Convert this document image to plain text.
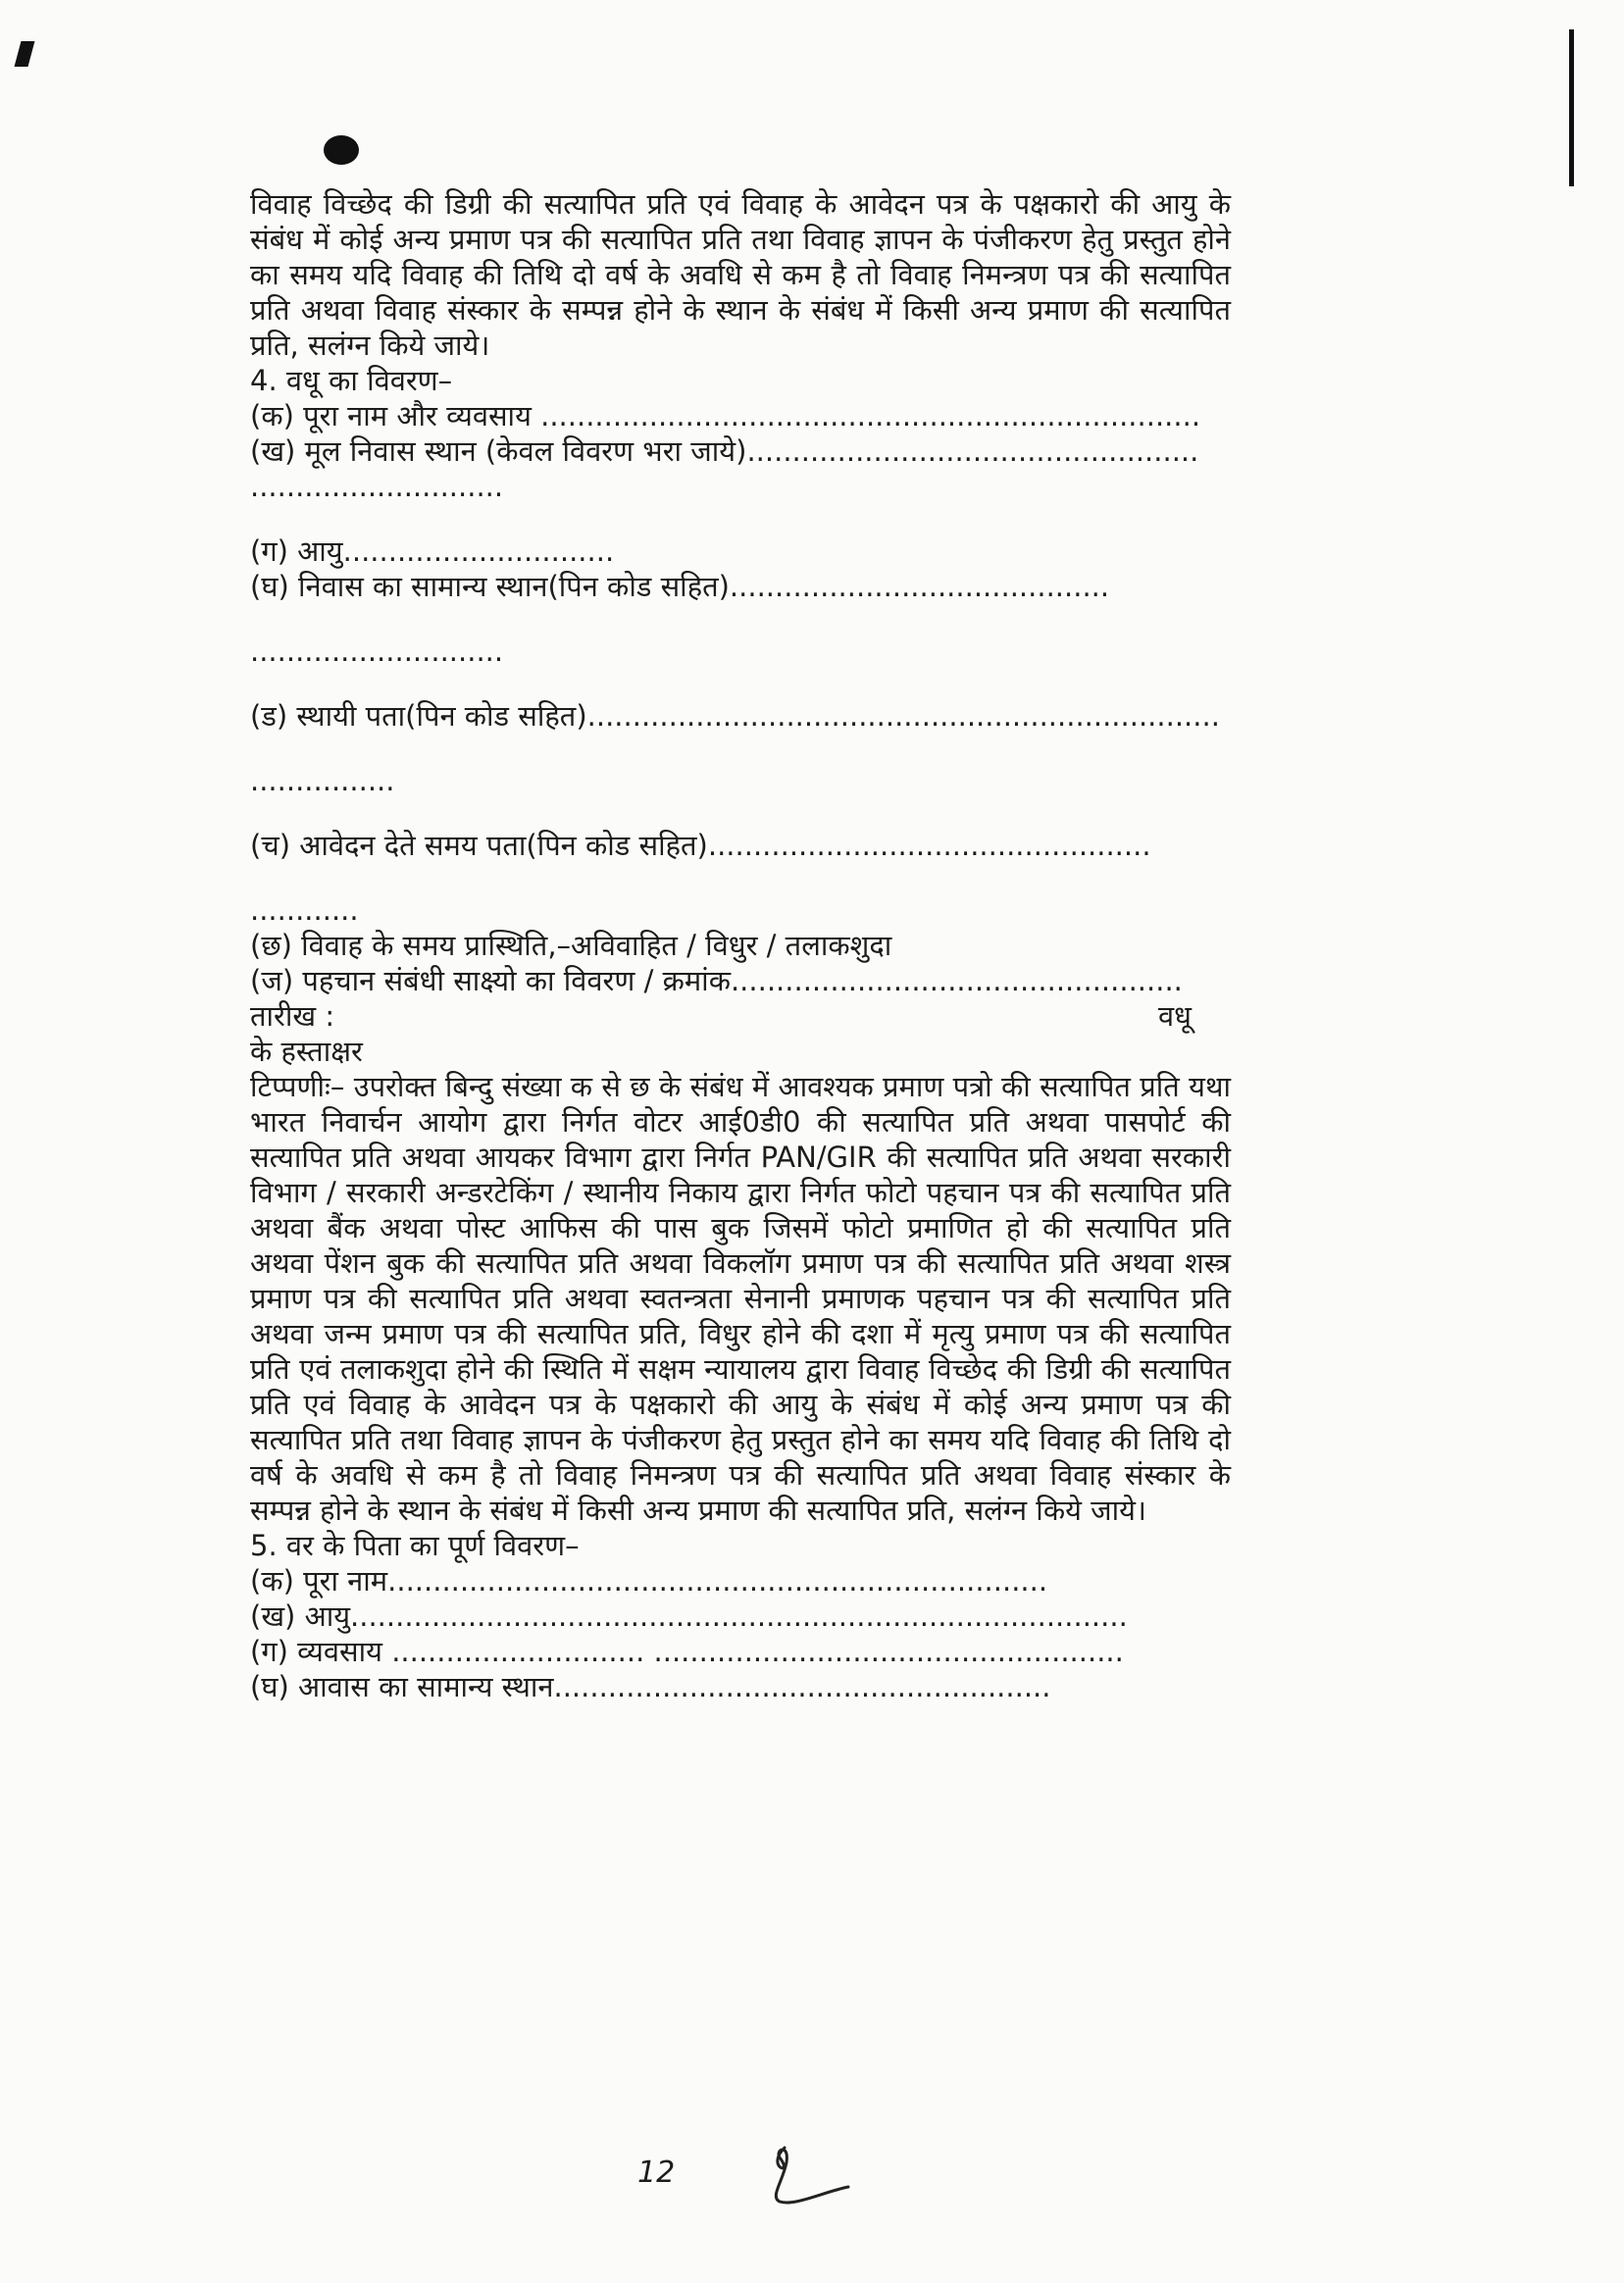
विवाह विच्छेद की डिग्री की सत्यापित प्रति एवं विवाह के आवेदन पत्र के पक्षकारो की आयु के संबंध में कोई अन्य प्रमाण पत्र की सत्यापित प्रति तथा विवाह ज्ञापन के पंजीकरण हेतु प्रस्तुत होने का समय यदि विवाह की तिथि दो वर्ष के अवधि से कम है तो विवाह निमन्त्रण पत्र की सत्यापित प्रति अथवा विवाह संस्कार के सम्पन्न होने के स्थान के संबंध में किसी अन्य प्रमाण की सत्यापित प्रति, सलंग्न किये जाये।

4. वधू का विवरण–

(क) पूरा नाम और व्यवसाय .........................................................................

(ख) मूल निवास स्थान (केवल विवरण भरा जाये)..................................................

............................

(ग) आयु..............................

(घ) निवास का सामान्य स्थान(पिन कोड सहित)..........................................

............................

(ड) स्थायी पता(पिन कोड सहित)......................................................................

................

(च) आवेदन देते समय पता(पिन कोड सहित).................................................

............

(छ) विवाह के समय प्रास्थिति,–अविवाहित / विधुर / तलाकशुदा

(ज) पहचान संबंधी साक्ष्यो का विवरण / क्रमांक..................................................

तारीख :	वधू

के हस्ताक्षर

टिप्पणीः– उपरोक्त बिन्दु संख्या क से छ के संबंध में आवश्यक प्रमाण पत्रो की सत्यापित प्रति यथा भारत निवार्चन आयोग द्वारा निर्गत वोटर आई0डी0 की सत्यापित प्रति अथवा पासपोर्ट की सत्यापित प्रति अथवा आयकर विभाग द्वारा निर्गत PAN/GIR की सत्यापित प्रति अथवा सरकारी विभाग / सरकारी अन्डरटेकिंग / स्थानीय निकाय द्वारा निर्गत फोटो पहचान पत्र की सत्यापित प्रति अथवा बैंक अथवा पोस्ट आफिस की पास बुक जिसमें फोटो प्रमाणित हो की सत्यापित प्रति अथवा पेंशन बुक की सत्यापित प्रति अथवा विकलॉग प्रमाण पत्र की सत्यापित प्रति अथवा शस्त्र प्रमाण पत्र की सत्यापित प्रति अथवा स्वतन्त्रता सेनानी प्रमाणक पहचान पत्र की सत्यापित प्रति अथवा जन्म प्रमाण पत्र की सत्यापित प्रति, विधुर होने की दशा में मृत्यु प्रमाण पत्र की सत्यापित प्रति एवं तलाकशुदा होने की स्थिति में सक्षम न्यायालय द्वारा विवाह विच्छेद की डिग्री की सत्यापित प्रति एवं विवाह के आवेदन पत्र के पक्षकारो की आयु के संबंध में कोई अन्य प्रमाण पत्र की सत्यापित प्रति तथा विवाह ज्ञापन के पंजीकरण हेतु प्रस्तुत होने का समय यदि विवाह की तिथि दो वर्ष के अवधि से कम है तो विवाह निमन्त्रण पत्र की सत्यापित प्रति अथवा विवाह संस्कार के सम्पन्न होने के स्थान के संबंध में किसी अन्य प्रमाण की सत्यापित प्रति, सलंग्न किये जाये।

5. वर के पिता का पूर्ण विवरण–

(क) पूरा नाम.........................................................................

(ख) आयु......................................................................................

(ग) व्यवसाय ............................ ....................................................

(घ) आवास का सामान्य स्थान.......................................................

12
